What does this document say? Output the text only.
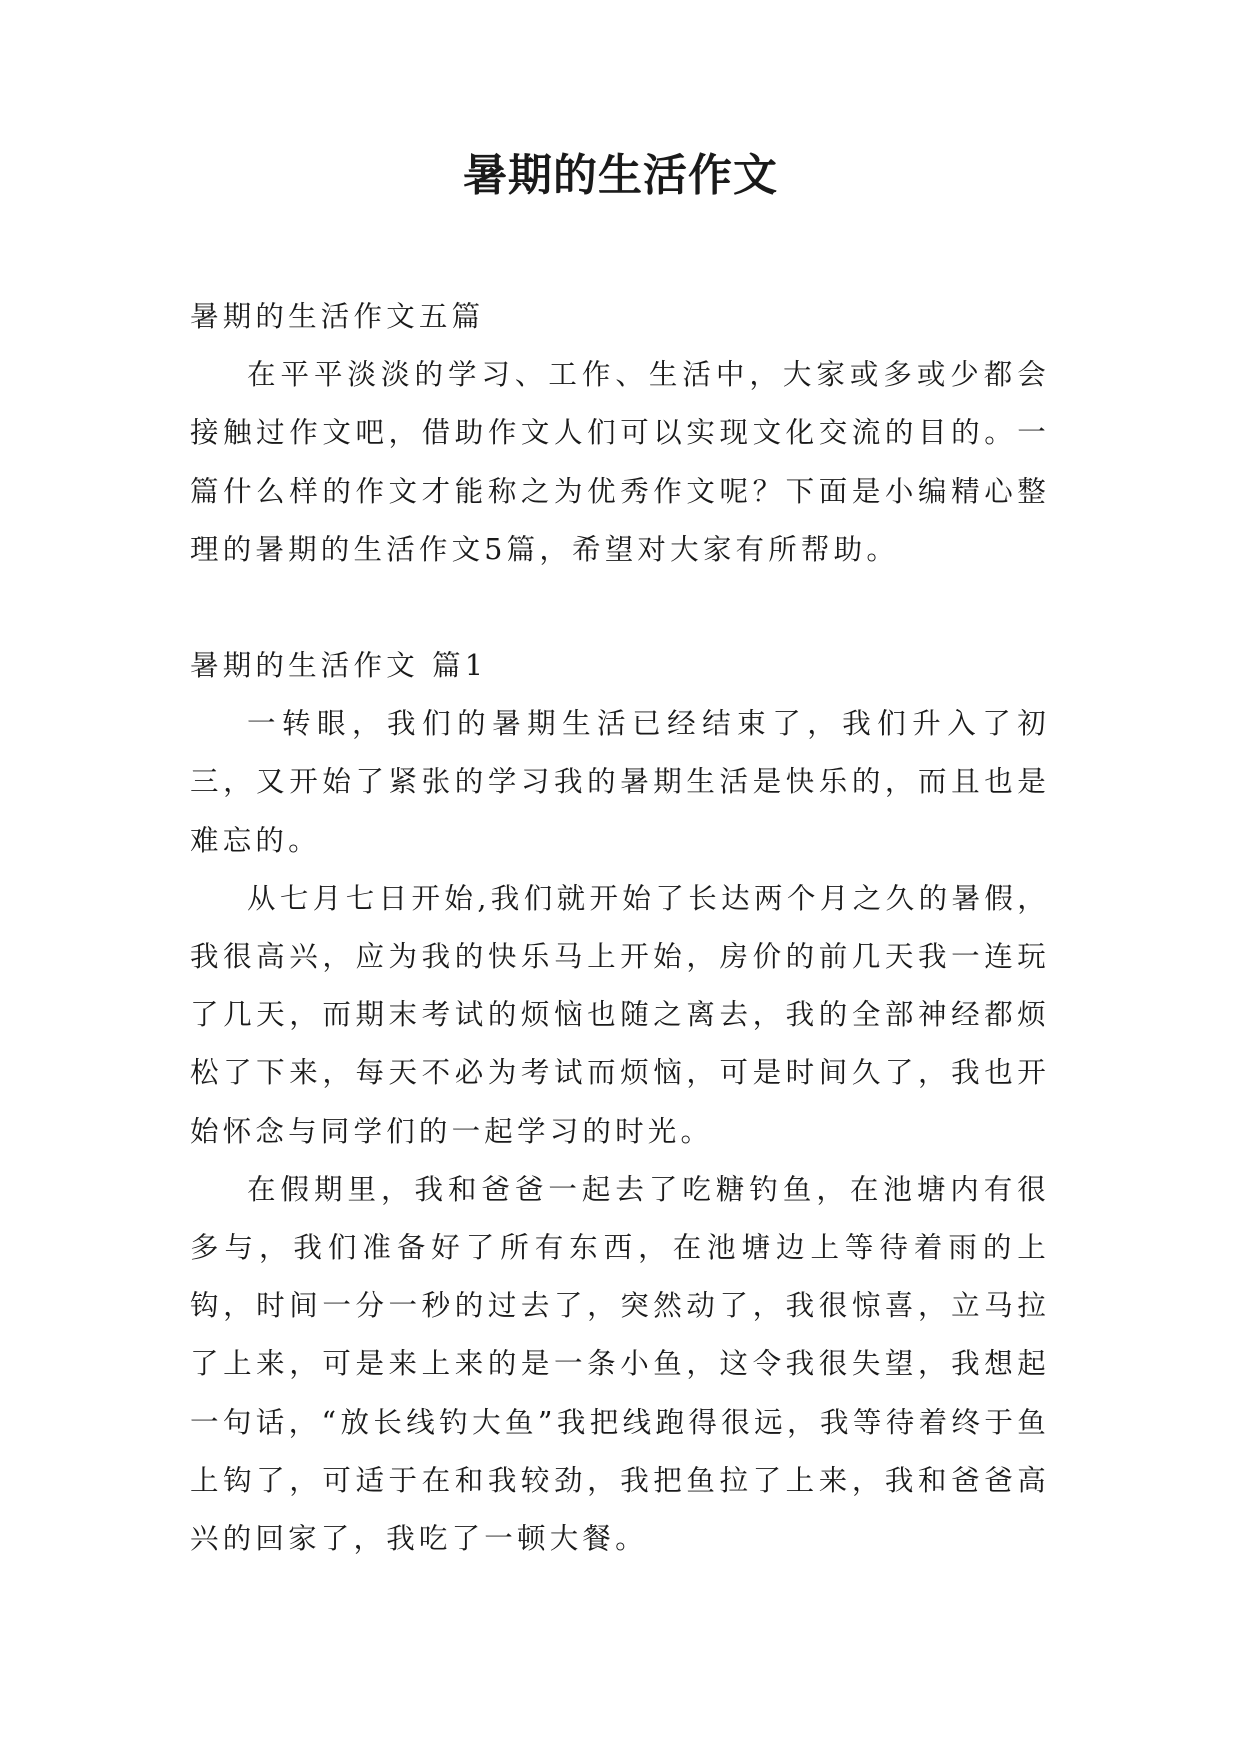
暑期的生活作文

暑期的生活作文五篇

在平平淡淡的学习、工作、生活中，大家或多或少都会接触过作文吧，借助作文人们可以实现文化交流的目的。一篇什么样的作文才能称之为优秀作文呢？下面是小编精心整理的暑期的生活作文5篇，希望对大家有所帮助。

暑期的生活作文 篇1

一转眼，我们的暑期生活已经结束了，我们升入了初三，又开始了紧张的学习我的暑期生活是快乐的，而且也是难忘的。

从七月七日开始,我们就开始了长达两个月之久的暑假，我很高兴，应为我的快乐马上开始，房价的前几天我一连玩了几天，而期末考试的烦恼也随之离去，我的全部神经都烦松了下来，每天不必为考试而烦恼，可是时间久了，我也开始怀念与同学们的一起学习的时光。

在假期里，我和爸爸一起去了吃糖钓鱼，在池塘内有很多与，我们准备好了所有东西，在池塘边上等待着雨的上钩，时间一分一秒的过去了，突然动了，我很惊喜，立马拉了上来，可是来上来的是一条小鱼，这令我很失望，我想起一句话，“放长线钓大鱼”我把线跑得很远，我等待着终于鱼上钩了，可适于在和我较劲，我把鱼拉了上来，我和爸爸高兴的回家了，我吃了一顿大餐。
